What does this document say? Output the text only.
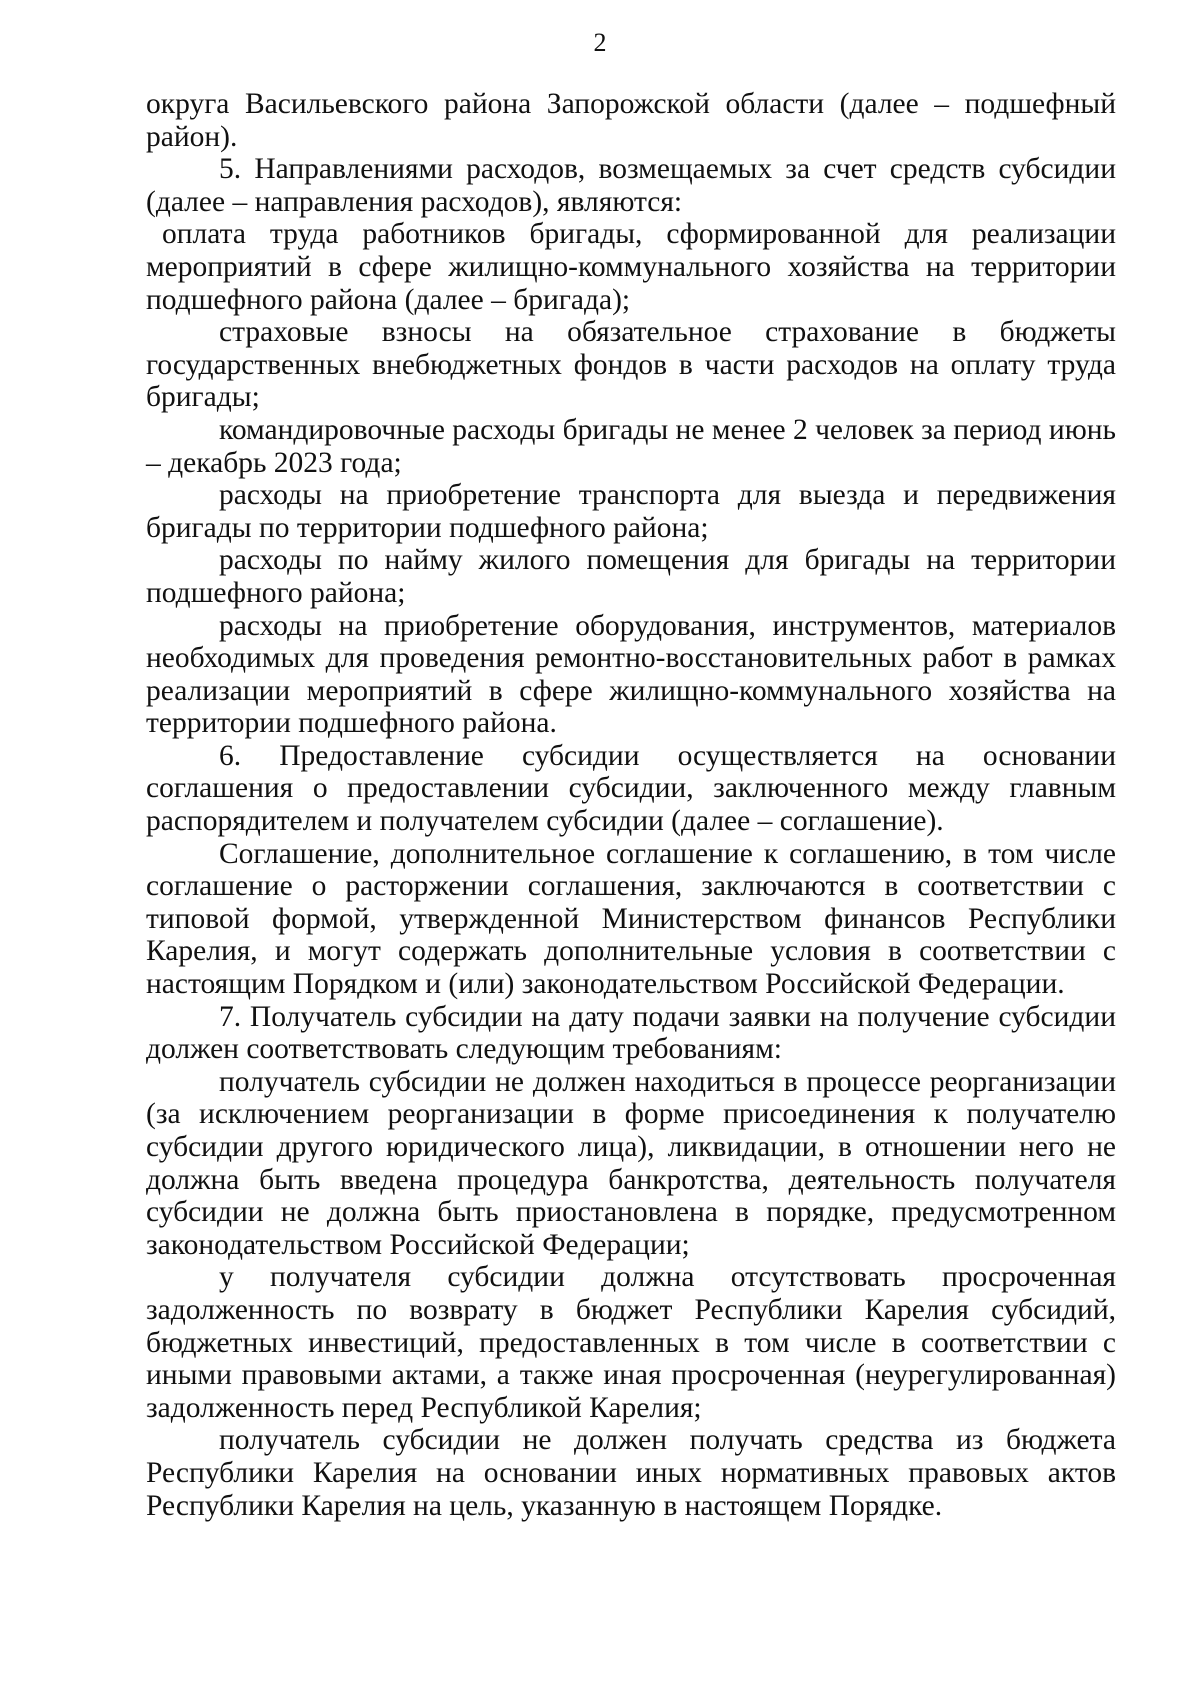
2

округа Васильевского района Запорожской области (далее – подшефный район).

5. Направлениями расходов, возмещаемых за счет средств субсидии (далее – направления расходов), являются:

оплата труда работников бригады, сформированной для реализации мероприятий в сфере жилищно-коммунального хозяйства на территории подшефного района (далее – бригада);

страховые взносы на обязательное страхование в бюджеты государственных внебюджетных фондов в части расходов на оплату труда бригады;

командировочные расходы бригады не менее 2 человек за период июнь – декабрь 2023 года;

расходы на приобретение транспорта для выезда и передвижения бригады по территории подшефного района;

расходы по найму жилого помещения для бригады на территории подшефного района;

расходы на приобретение оборудования, инструментов, материалов необходимых для проведения ремонтно-восстановительных работ в рамках реализации мероприятий в сфере жилищно-коммунального хозяйства на территории подшефного района.

6. Предоставление субсидии осуществляется на основании соглашения о предоставлении субсидии, заключенного между главным распорядителем и получателем субсидии (далее – соглашение).

Соглашение, дополнительное соглашение к соглашению, в том числе соглашение о расторжении соглашения, заключаются в соответствии с типовой формой, утвержденной Министерством финансов Республики Карелия, и могут содержать дополнительные условия в соответствии с настоящим Порядком и (или) законодательством Российской Федерации.

7. Получатель субсидии на дату подачи заявки на получение субсидии должен соответствовать следующим требованиям:

получатель субсидии не должен находиться в процессе реорганизации (за исключением реорганизации в форме присоединения к получателю субсидии другого юридического лица), ликвидации, в отношении него не должна быть введена процедура банкротства, деятельность получателя субсидии не должна быть приостановлена в порядке, предусмотренном законодательством Российской Федерации;

у получателя субсидии должна отсутствовать просроченная задолженность по возврату в бюджет Республики Карелия субсидий, бюджетных инвестиций, предоставленных в том числе в соответствии с иными правовыми актами, а также иная просроченная (неурегулированная) задолженность перед Республикой Карелия;

получатель субсидии не должен получать средства из бюджета Республики Карелия на основании иных нормативных правовых актов Республики Карелия на цель, указанную в настоящем Порядке.
